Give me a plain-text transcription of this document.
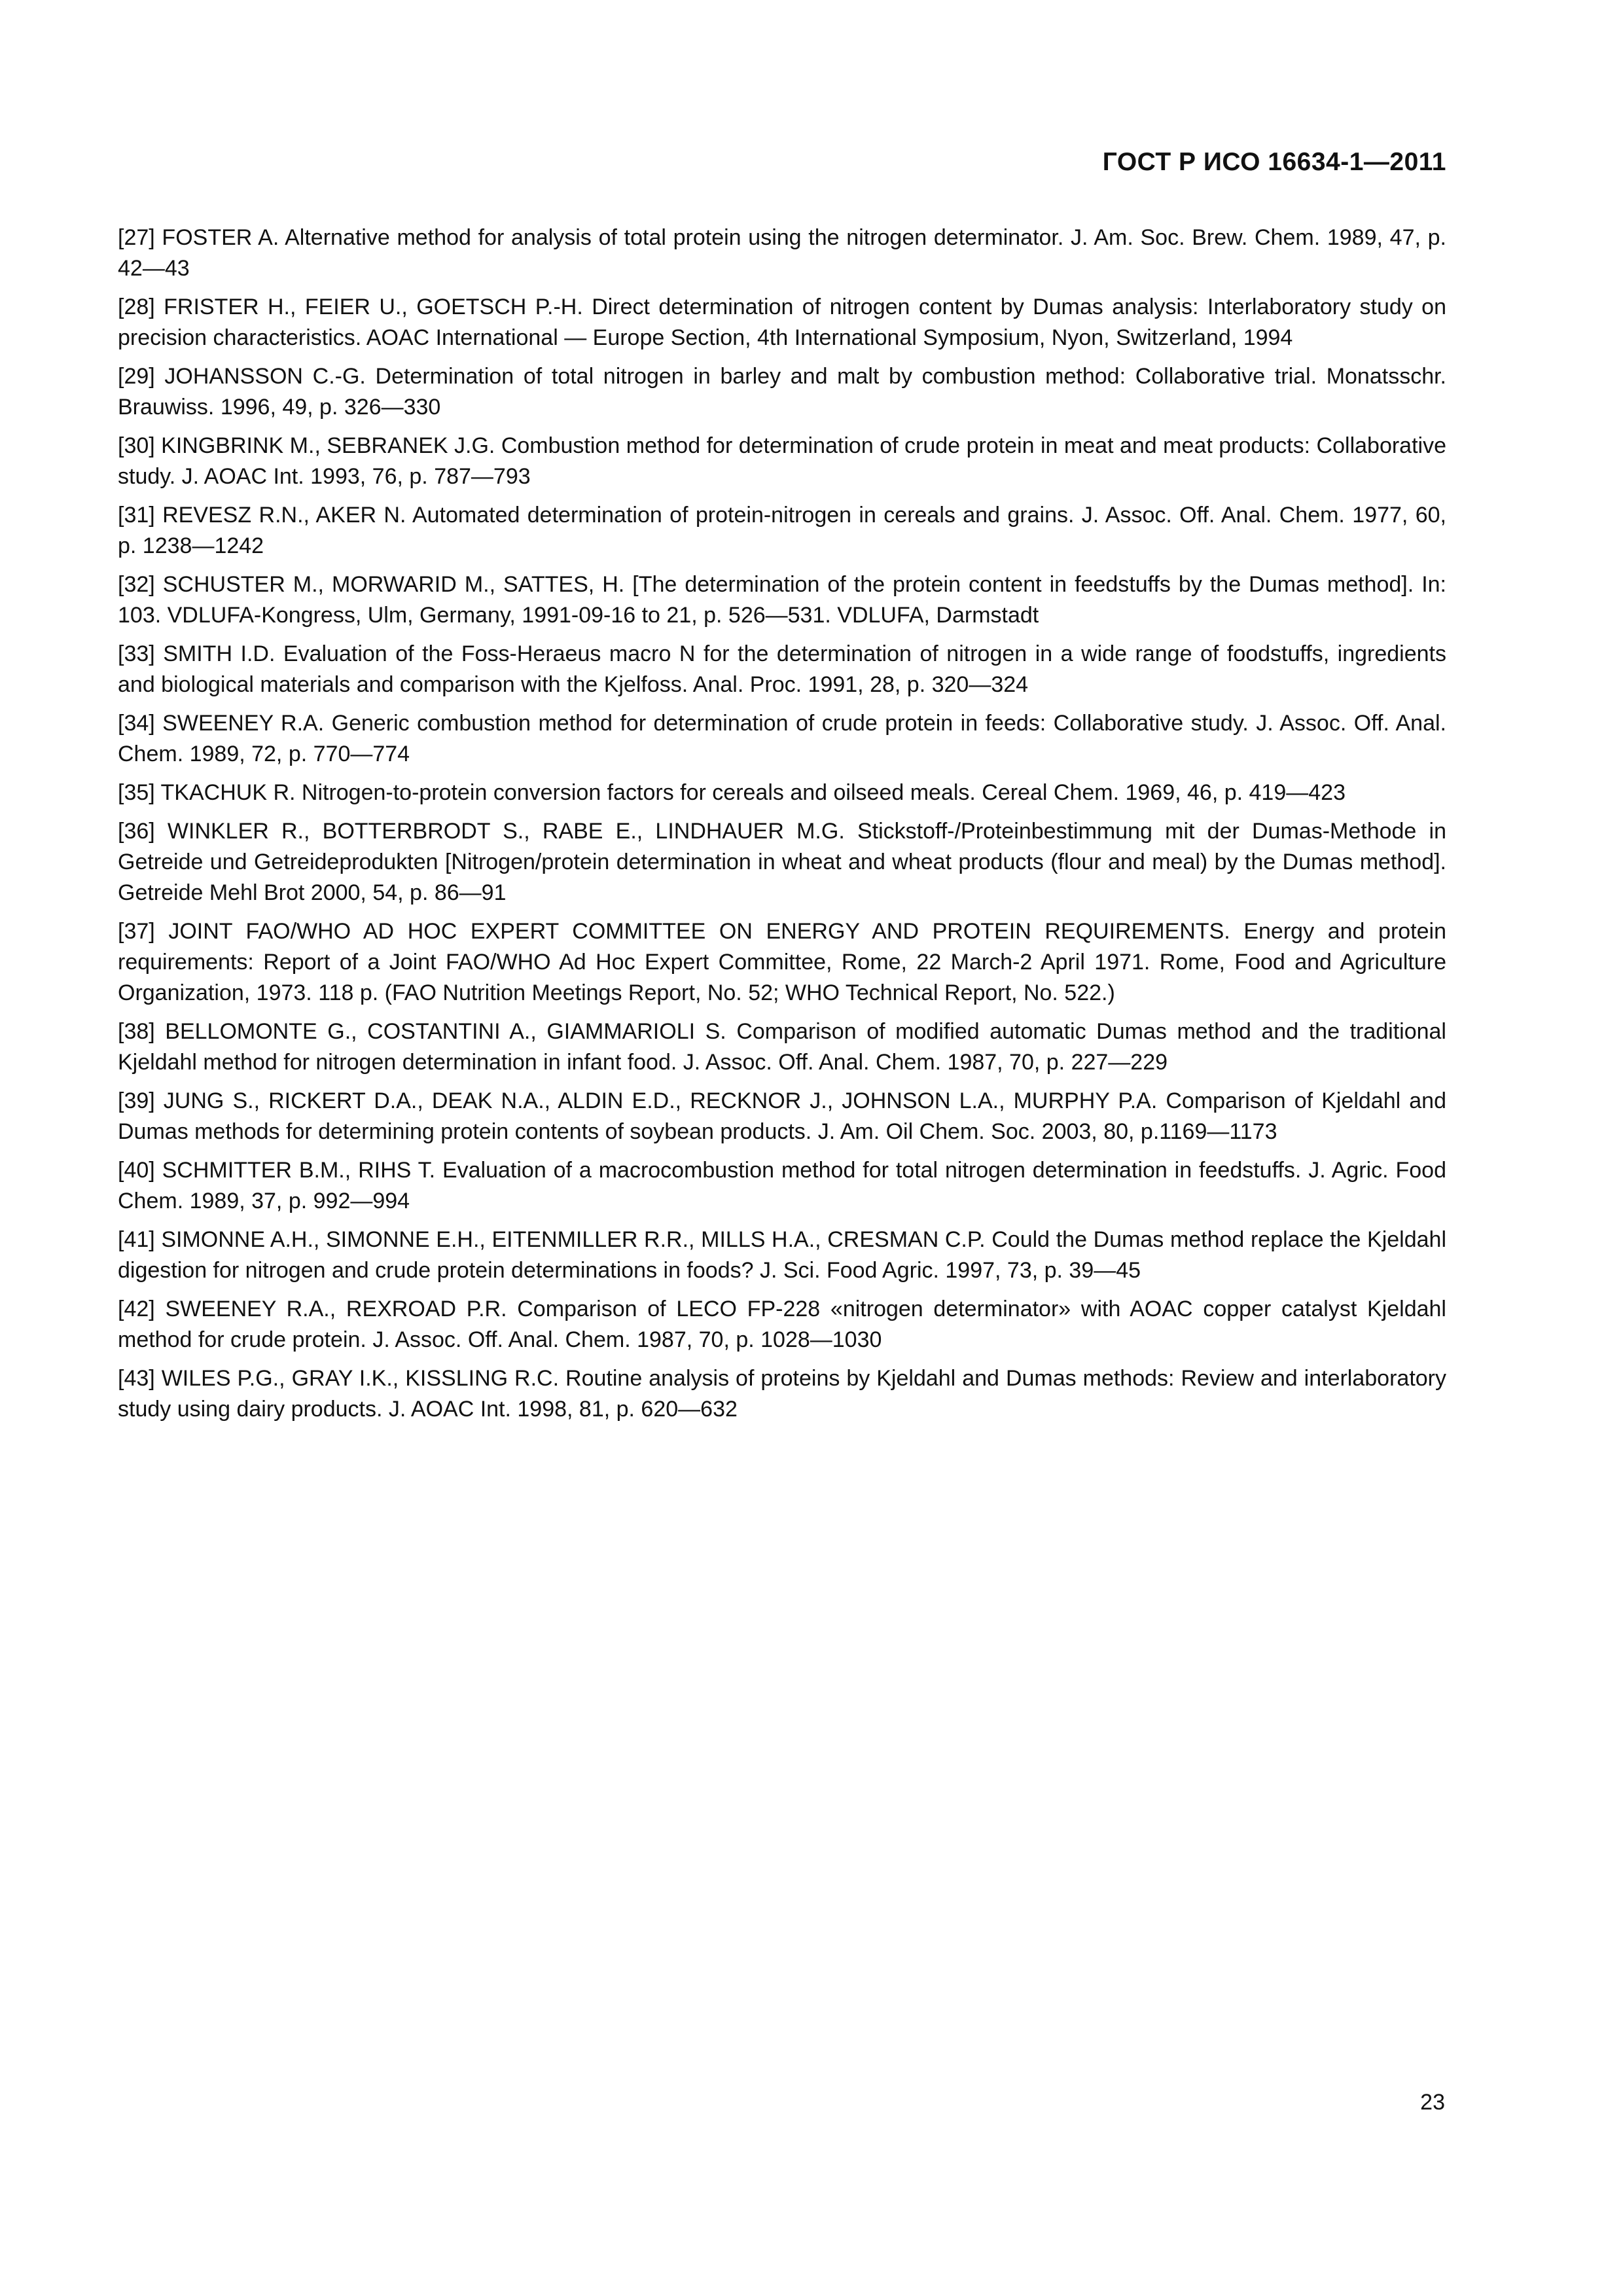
ГОСТ Р ИСО 16634-1—2011
[27] FOSTER A. Alternative method for analysis of total protein using the nitrogen determinator. J. Am. Soc. Brew. Chem. 1989, 47, p. 42—43
[28] FRISTER H., FEIER U., GOETSCH P.-H. Direct determination of nitrogen content by Dumas analysis: Interlaboratory study on precision characteristics. AOAC International — Europe Section, 4th International Symposium, Nyon, Switzerland, 1994
[29] JOHANSSON C.-G. Determination of total nitrogen in barley and malt by combustion method: Collaborative trial. Monatsschr. Brauwiss. 1996, 49, p. 326—330
[30] KINGBRINK M., SEBRANEK J.G. Combustion method for determination of crude protein in meat and meat products: Collaborative study. J. AOAC Int. 1993, 76, p. 787—793
[31] REVESZ R.N., AKER N. Automated determination of protein-nitrogen in cereals and grains. J. Assoc. Off. Anal. Chem. 1977, 60, p. 1238—1242
[32] SCHUSTER M., MORWARID M., SATTES, H. [The determination of the protein content in feedstuffs by the Dumas method]. In: 103. VDLUFA-Kongress, Ulm, Germany, 1991-09-16 to 21, p. 526—531. VDLUFA, Darmstadt
[33] SMITH I.D. Evaluation of the Foss-Heraeus macro N for the determination of nitrogen in a wide range of foodstuffs, ingredients and biological materials and comparison with the Kjelfoss. Anal. Proc. 1991, 28, p. 320—324
[34] SWEENEY R.A. Generic combustion method for determination of crude protein in feeds: Collaborative study. J. Assoc. Off. Anal. Chem. 1989, 72, p. 770—774
[35] TKACHUK R. Nitrogen-to-protein conversion factors for cereals and oilseed meals. Cereal Chem. 1969, 46, p. 419—423
[36] WINKLER R., BOTTERBRODT S., RABE E., LINDHAUER M.G. Stickstoff-/Proteinbestimmung mit der Dumas-Methode in Getreide und Getreideprodukten [Nitrogen/protein determination in wheat and wheat products (flour and meal) by the Dumas method]. Getreide Mehl Brot 2000, 54, p. 86—91
[37] JOINT FAO/WHO AD HOC EXPERT COMMITTEE ON ENERGY AND PROTEIN REQUIREMENTS. Energy and protein requirements: Report of a Joint FAO/WHO Ad Hoc Expert Committee, Rome, 22 March-2 April 1971. Rome, Food and Agriculture Organization, 1973. 118 p. (FAO Nutrition Meetings Report, No. 52; WHO Technical Report, No. 522.)
[38] BELLOMONTE G., COSTANTINI A., GIAMMARIOLI S. Comparison of modified automatic Dumas method and the traditional Kjeldahl method for nitrogen determination in infant food. J. Assoc. Off. Anal. Chem. 1987, 70, p. 227—229
[39] JUNG S., RICKERT D.A., DEAK N.A., ALDIN E.D., RECKNOR J., JOHNSON L.A., MURPHY P.A. Comparison of Kjeldahl and Dumas methods for determining protein contents of soybean products. J. Am. Oil Chem. Soc. 2003, 80, p.1169—1173
[40] SCHMITTER B.M., RIHS T. Evaluation of a macrocombustion method for total nitrogen determination in feedstuffs. J. Agric. Food Chem. 1989, 37, p. 992—994
[41] SIMONNE A.H., SIMONNE E.H., EITENMILLER R.R., MILLS H.A., CRESMAN C.P. Could the Dumas method replace the Kjeldahl digestion for nitrogen and crude protein determinations in foods? J. Sci. Food Agric. 1997, 73, p. 39—45
[42] SWEENEY R.A., REXROAD P.R. Comparison of LECO FP-228 «nitrogen determinator» with AOAC copper catalyst Kjeldahl method for crude protein. J. Assoc. Off. Anal. Chem. 1987, 70, p. 1028—1030
[43] WILES P.G., GRAY I.K., KISSLING R.C. Routine analysis of proteins by Kjeldahl and Dumas methods: Review and interlaboratory study using dairy products. J. AOAC Int. 1998, 81, p. 620—632
23
